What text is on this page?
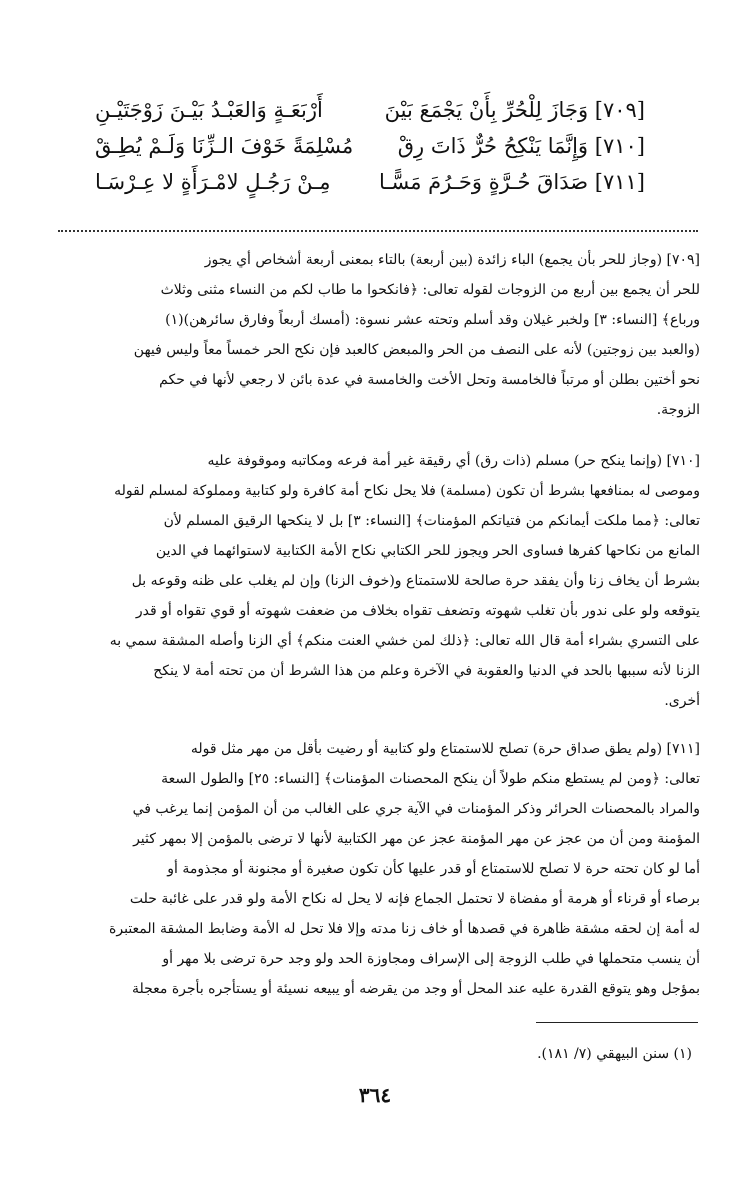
[٧٠٩] وَجَازَ لِلْحُرِّ بِأَنْ يَجْمَعَ بَيْنَ
أَرْبَعَـةٍ وَالعَبْـدُ بَيْـنَ زَوْجَتَيْـنِ
[٧١٠] وَإِنَّمَا يَنْكِحُ حُرٌّ ذَاتَ رِقْ
مُسْلِمَةً خَوْفَ الـزِّنَا وَلَـمْ يُطِـقْ
[٧١١] صَدَاقَ حُـرَّةٍ وَحَـرُمَ مَسًّـا
مِـنْ رَجُـلٍ لامْـرَأَةٍ لا عِـرْسَـا
[٧٠٩] (وجاز للحر بأن يجمع) الباء زائدة (بين أربعة) بالتاء بمعنى أربعة أشخاص أي يجوز
للحر أن يجمع بين أربع من الزوجات لقوله تعالى: ﴿فانكحوا ما طاب لكم من النساء مثنى وثلاث
ورباع﴾ [النساء: ٣] ولخبر غيلان وقد أسلم وتحته عشر نسوة: (أمسك أربعاً وفارق سائرهن)(١)
(والعبد بين زوجتين) لأنه على النصف من الحر والمبعض كالعبد فإن نكح الحر خمساً معاً وليس فيهن
نحو أختين بطلن أو مرتباً فالخامسة وتحل الأخت والخامسة في عدة بائن لا رجعي لأنها في حكم
الزوجة.
[٧١٠] (وإنما ينكح حر) مسلم (ذات رق) أي رقيقة غير أمة فرعه ومكاتبه وموقوفة عليه
وموصى له بمنافعها بشرط أن تكون (مسلمة) فلا يحل نكاح أمة كافرة ولو كتابية ومملوكة لمسلم لقوله
تعالى: ﴿مما ملكت أيمانكم من فتياتكم المؤمنات﴾ [النساء: ٣] بل لا ينكحها الرقيق المسلم لأن
المانع من نكاحها كفرها فساوى الحر ويجوز للحر الكتابي نكاح الأمة الكتابية لاستوائهما في الدين
بشرط أن يخاف زنا وأن يفقد حرة صالحة للاستمتاع و(خوف الزنا) وإن لم يغلب على ظنه وقوعه بل
يتوقعه ولو على ندور بأن تغلب شهوته وتضعف تقواه بخلاف من ضعفت شهوته أو قوي تقواه أو قدر
على التسري بشراء أمة قال الله تعالى: ﴿ذلك لمن خشي العنت منكم﴾ أي الزنا وأصله المشقة سمي به
الزنا لأنه سببها بالحد في الدنيا والعقوبة في الآخرة وعلم من هذا الشرط أن من تحته أمة لا ينكح
أخرى.
[٧١١] (ولم يطق صداق حرة) تصلح للاستمتاع ولو كتابية أو رضيت بأقل من مهر مثل قوله
تعالى: ﴿ومن لم يستطع منكم طولاً أن ينكح المحصنات المؤمنات﴾ [النساء: ٢٥] والطول السعة
والمراد بالمحصنات الحرائر وذكر المؤمنات في الآية جري على الغالب من أن المؤمن إنما يرغب في
المؤمنة ومن أن من عجز عن مهر المؤمنة عجز عن مهر الكتابية لأنها لا ترضى بالمؤمن إلا بمهر كثير
أما لو كان تحته حرة لا تصلح للاستمتاع أو قدر عليها كأن تكون صغيرة أو مجنونة أو مجذومة أو
برصاء أو قرناء أو هرمة أو مفضاة لا تحتمل الجماع فإنه لا يحل له نكاح الأمة ولو قدر على غائبة حلت
له أمة إن لحقه مشقة ظاهرة في قصدها أو خاف زنا مدته وإلا فلا تحل له الأمة وضابط المشقة المعتبرة
أن ينسب متحملها في طلب الزوجة إلى الإسراف ومجاوزة الحد ولو وجد حرة ترضى بلا مهر أو
بمؤجل وهو يتوقع القدرة عليه عند المحل أو وجد من يقرضه أو يبيعه نسيئة أو يستأجره بأجرة معجلة
(١) سنن البيهقي (٧/ ١٨١).
٣٦٤
